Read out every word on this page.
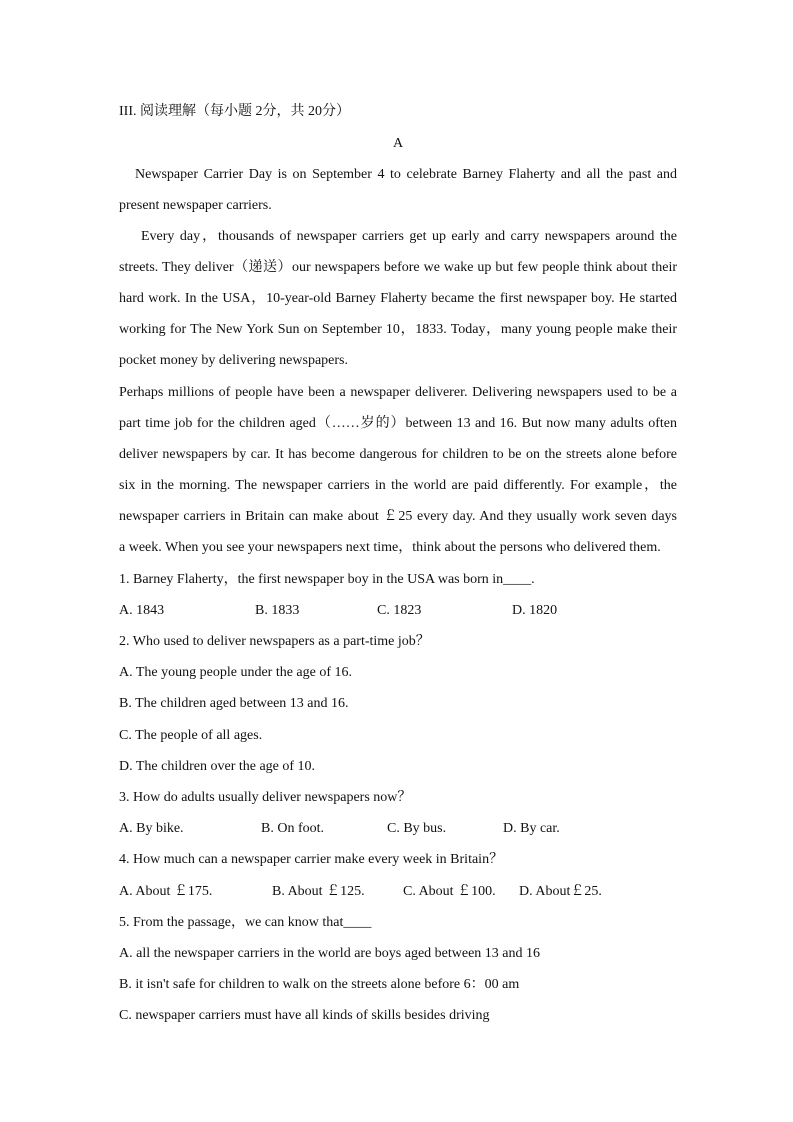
III. 阅读理解（每小题 2分，共 20分）
A
　Newspaper Carrier Day is on September 4 to celebrate Barney Flaherty and all the past and
present newspaper carriers.
Every day，thousands of newspaper carriers get up early and carry newspapers around the
streets. They deliver（递送）our newspapers before we wake up but few people think about their
hard work. In the USA，10-year-old Barney Flaherty became the first newspaper boy. He started
working for The New York Sun on September 10，1833. Today，many young people make their
pocket money by delivering newspapers.
Perhaps millions of people have been a newspaper deliverer. Delivering newspapers used to be a
part time job for the children aged（……岁的）between 13 and 16. But now many adults often
deliver newspapers by car. It has become dangerous for children to be on the streets alone before
six in the morning. The newspaper carriers in the world are paid differently. For example，the
newspaper carriers in Britain can make about ￡25 every day. And they usually work seven days
a week. When you see your newspapers next time，think about the persons who delivered them.
1. Barney Flaherty，the first newspaper boy in the USA was born in____.
A. 1843	B. 1833	C. 1823	D. 1820
2. Who used to deliver newspapers as a part-time job？
A. The young people under the age of 16.
B. The children aged between 13 and 16.
C. The people of all ages.
D. The children over the age of 10.
3. How do adults usually deliver newspapers now？
A. By bike.	B. On foot.	C. By bus.	D. By car.
4. How much can a newspaper carrier make every week in Britain？
A. About ￡175.	B. About ￡125.	C. About ￡100. D. About￡25.
5. From the passage，we can know that____
A. all the newspaper carriers in the world are boys aged between 13 and 16
B. it isn't safe for children to walk on the streets alone before 6：00 am
C. newspaper carriers must have all kinds of skills besides driving
